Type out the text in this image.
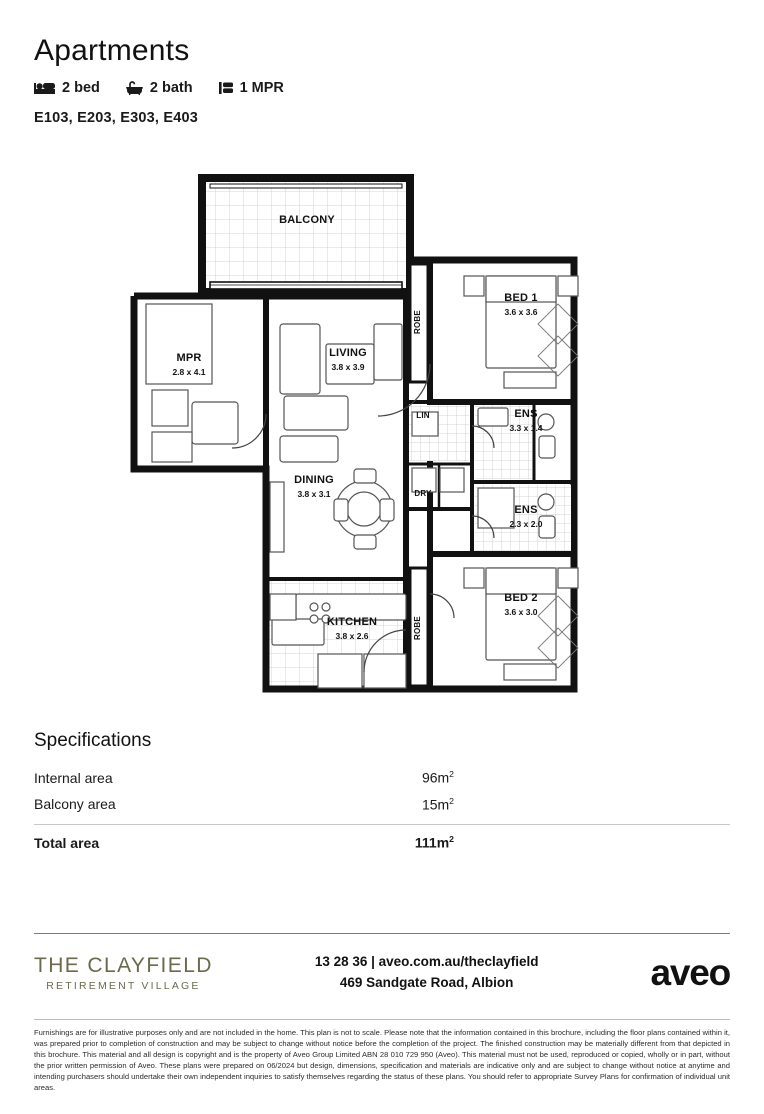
Apartments
2 bed	2 bath	1 MPR
E103, E203, E303, E403
BALCONY
MPR
2.8 x 4.1
LIVING
3.8 x 3.9
DINING
3.8 x 3.1
KITCHEN
3.8 x 2.6
BED 1
3.6 x 3.6
BED 2
3.6 x 3.0
ENS
3.3 x 1.4
ENS
2.3 x 2.0
LIN
DRY
ROBE
ROBE
Specifications
Internal area	$96m^2$
Balcony area	$15m^2$
Total area	$111m^2$
THE CLAYFIELD
RETIREMENT VILLAGE
13 28 36 | aveo.com.au/theclayfield
469 Sandgate Road, Albion	aveo
Furnishings are for illustrative purposes only and are not included in the home. This plan is not to scale. Please note that the information contained in this brochure, including the floor plans contained within it, was prepared prior to completion of construction and may be subject to change without notice before the completion of the project. The finished construction may be materially different from that depicted in this brochure. This material and all design is copyright and is the property of Aveo Group Limited ABN 28 010 729 950 (Aveo). This material must not be used, reproduced or copied, wholly or in part, without the prior written permission of Aveo. These plans were prepared on 06/2024 but design, dimensions, specification and materials are indicative only and are subject to change without notice at anytime and intending purchasers should undertake their own independent inquiries to satisfy themselves regarding the status of these plans. You should refer to appropriate Survey Plans for confirmation of individual unit areas.
